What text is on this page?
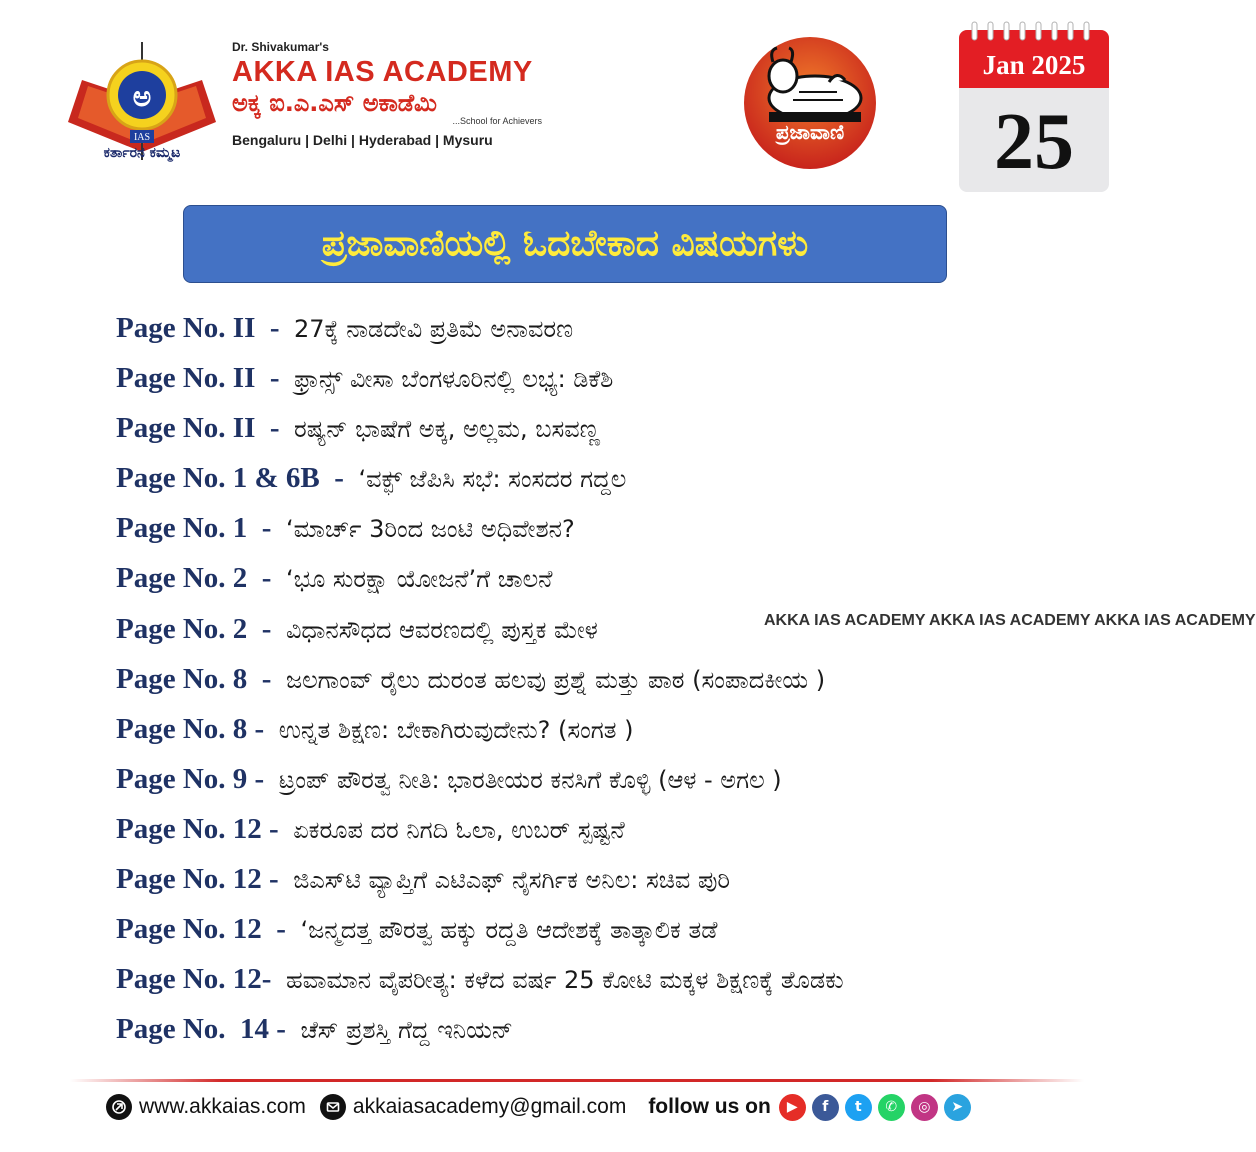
ಅ
IAS
ಕರ್ತಾರನ ಕಮ್ಮಟ
Dr. Shivakumar's
AKKA IAS ACADEMY
ಅಕ್ಕ ಐ.ಎ.ಎಸ್ ಅಕಾಡೆಮಿ
...School for Achievers
Bengaluru | Delhi | Hyderabad | Mysuru	ಪ್ರಜಾವಾಣಿ
Jan 2025
25
ಪ್ರಜಾವಾಣಿಯಲ್ಲಿ ಓದಬೇಕಾದ ವಿಷಯಗಳು
Page No. II  -  27ಕ್ಕೆ ನಾಡದೇವಿ ಪ್ರತಿಮೆ ಅನಾವರಣ
Page No. II  -  ಫ್ರಾನ್ಸ್ ವೀಸಾ ಬೆಂಗಳೂರಿನಲ್ಲಿ ಲಭ್ಯ: ಡಿಕೆಶಿ
Page No. II  -  ರಷ್ಯನ್ ಭಾಷೆಗೆ ಅಕ್ಕ, ಅಲ್ಲಮ, ಬಸವಣ್ಣ
Page No. 1 & 6B  -  ‘ವಕ್ಫ್ ಜೆಪಿಸಿ ಸಭೆ: ಸಂಸದರ ಗದ್ದಲ
Page No. 1  -  ‘ಮಾರ್ಚ್ 3ರಿಂದ ಜಂಟಿ ಅಧಿವೇಶನ?
Page No. 2  -  ‘ಭೂ ಸುರಕ್ಷಾ ಯೋಜನೆ’ಗೆ ಚಾಲನೆ
Page No. 2  -  ವಿಧಾನಸೌಧದ ಆವರಣದಲ್ಲಿ ಪುಸ್ತಕ ಮೇಳ
Page No. 8  -  ಜಲಗಾಂವ್ ರೈಲು ದುರಂತ ಹಲವು ಪ್ರಶ್ನೆ ಮತ್ತು ಪಾಠ (ಸಂಪಾದಕೀಯ )
Page No. 8 -  ಉನ್ನತ ಶಿಕ್ಷಣ: ಬೇಕಾಗಿರುವುದೇನು? (ಸಂಗತ )
Page No. 9 -  ಟ್ರಂಪ್ ಪೌರತ್ವ ನೀತಿ: ಭಾರತೀಯರ ಕನಸಿಗೆ ಕೊಳ್ಳಿ (ಆಳ - ಅಗಲ )
Page No. 12 -  ಏಕರೂಪ ದರ ನಿಗದಿ ಓಲಾ, ಉಬರ್ ಸ್ಪಷ್ಟನೆ
Page No. 12 -  ಜಿಎಸ್‌ಟಿ ವ್ಯಾಪ್ತಿಗೆ ಎಟಿಎಫ್ ನೈಸರ್ಗಿಕ ಅನಿಲ: ಸಚಿವ ಪುರಿ
Page No. 12  -  ‘ಜನ್ಮದತ್ತ ಪೌರತ್ವ ಹಕ್ಕು ರದ್ದತಿ ಆದೇಶಕ್ಕೆ ತಾತ್ಕಾಲಿಕ ತಡೆ
Page No. 12-  ಹವಾಮಾನ ವೈಪರೀತ್ಯ: ಕಳೆದ ವರ್ಷ 25 ಕೋಟಿ ಮಕ್ಕಳ ಶಿಕ್ಷಣಕ್ಕೆ ತೊಡಕು
Page No.  14 -  ಚೆಸ್ ಪ್ರಶಸ್ತಿ ಗೆದ್ದ ಇನಿಯನ್
AKKA IAS ACADEMY AKKA IAS ACADEMY AKKA IAS ACADEMY
www.akkaias.com akkaiasacademy@gmail.com follow us on	▶	f	t	✆	◎	➤
